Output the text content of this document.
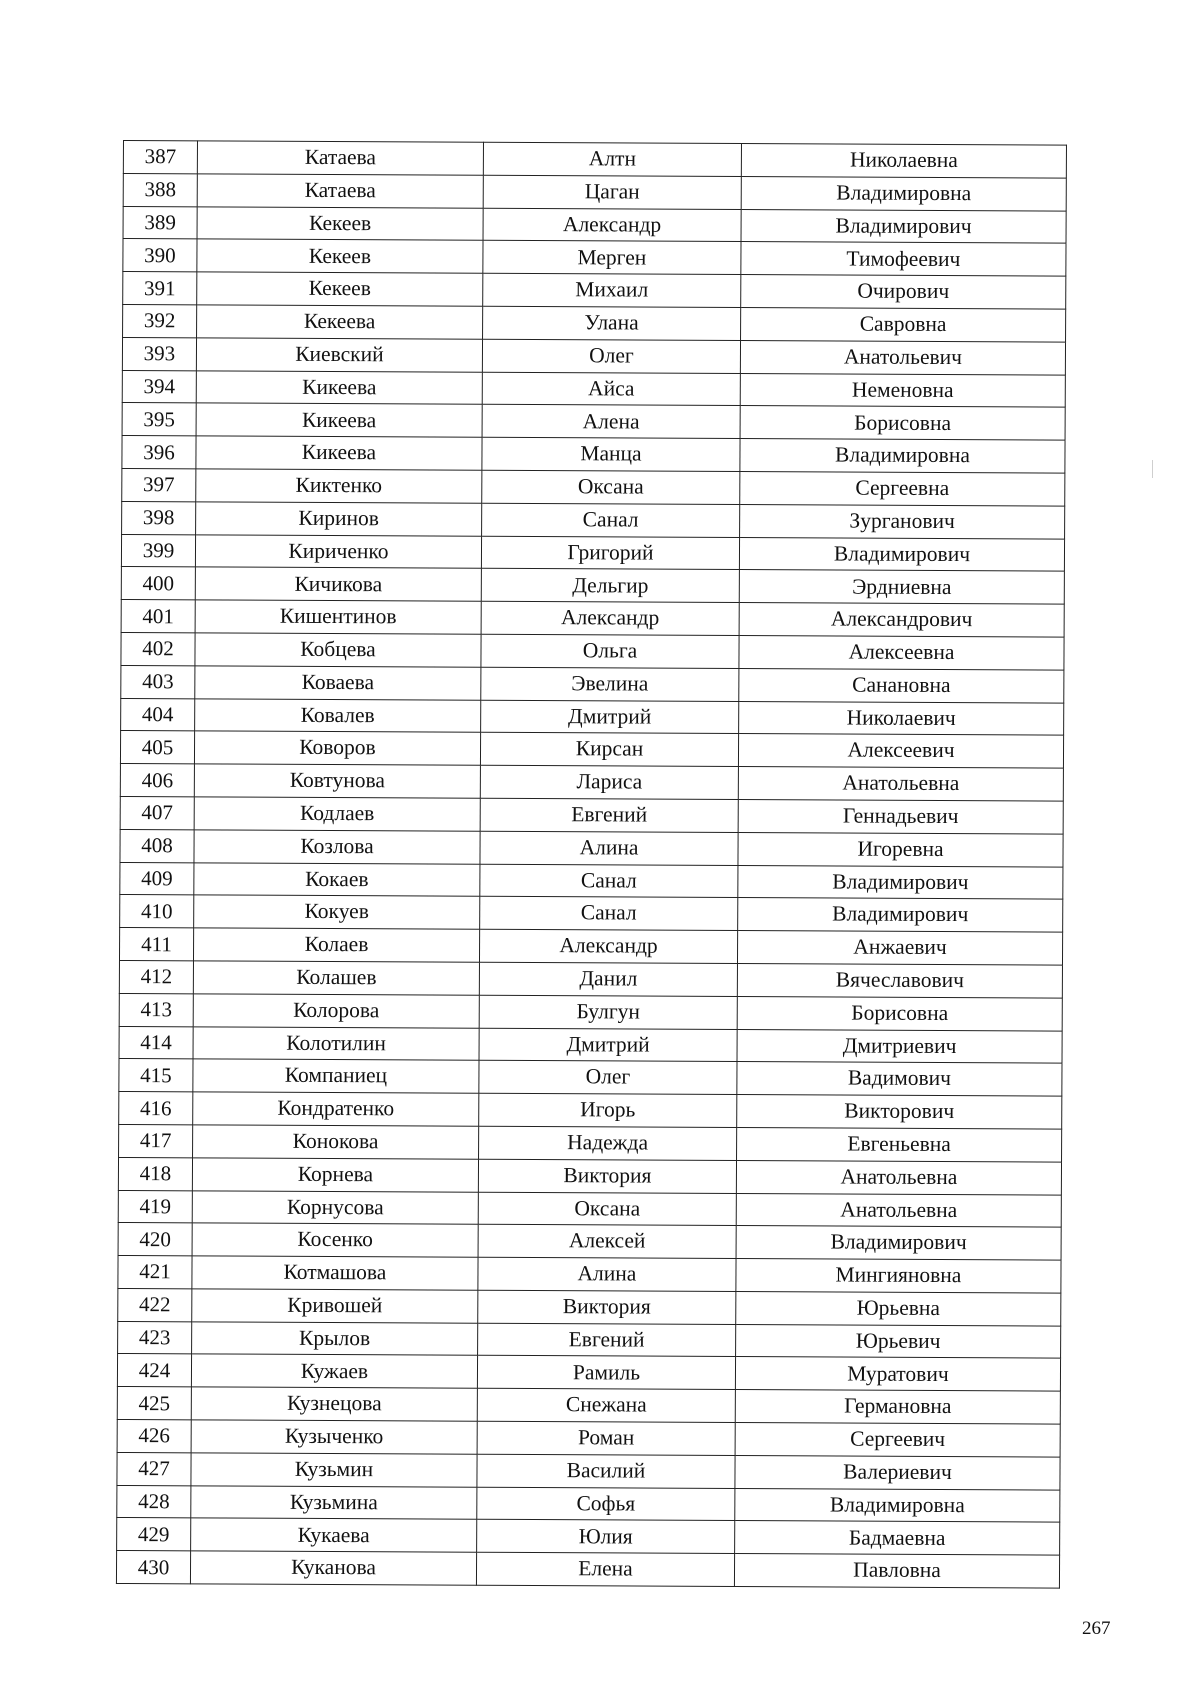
387	Катаева	Алтн	Николаевна
388	Катаева	Цаган	Владимировна
389	Кекеев	Александр	Владимирович
390	Кекеев	Мерген	Тимофеевич
391	Кекеев	Михаил	Очирович
392	Кекеева	Улана	Савровна
393	Киевский	Олег	Анатольевич
394	Кикеева	Айса	Неменовна
395	Кикеева	Алена	Борисовна
396	Кикеева	Манца	Владимировна
397	Киктенко	Оксана	Сергеевна
398	Киринов	Санал	Зурганович
399	Кириченко	Григорий	Владимирович
400	Кичикова	Дельгир	Эрдниевна
401	Кишентинов	Александр	Александрович
402	Кобцева	Ольга	Алексеевна
403	Коваева	Эвелина	Санановна
404	Ковалев	Дмитрий	Николаевич
405	Коворов	Кирсан	Алексеевич
406	Ковтунова	Лариса	Анатольевна
407	Кодлаев	Евгений	Геннадьевич
408	Козлова	Алина	Игоревна
409	Кокаев	Санал	Владимирович
410	Кокуев	Санал	Владимирович
411	Колаев	Александр	Анжаевич
412	Колашев	Данил	Вячеславович
413	Колорова	Булгун	Борисовна
414	Колотилин	Дмитрий	Дмитриевич
415	Компаниец	Олег	Вадимович
416	Кондратенко	Игорь	Викторович
417	Конокова	Надежда	Евгеньевна
418	Корнева	Виктория	Анатольевна
419	Корнусова	Оксана	Анатольевна
420	Косенко	Алексей	Владимирович
421	Котмашова	Алина	Мингияновна
422	Кривошей	Виктория	Юрьевна
423	Крылов	Евгений	Юрьевич
424	Кужаев	Рамиль	Муратович
425	Кузнецова	Снежана	Германовна
426	Кузыченко	Роман	Сергеевич
427	Кузьмин	Василий	Валериевич
428	Кузьмина	Софья	Владимировна
429	Кукаева	Юлия	Бадмаевна
430	Куканова	Елена	Павловна
267
